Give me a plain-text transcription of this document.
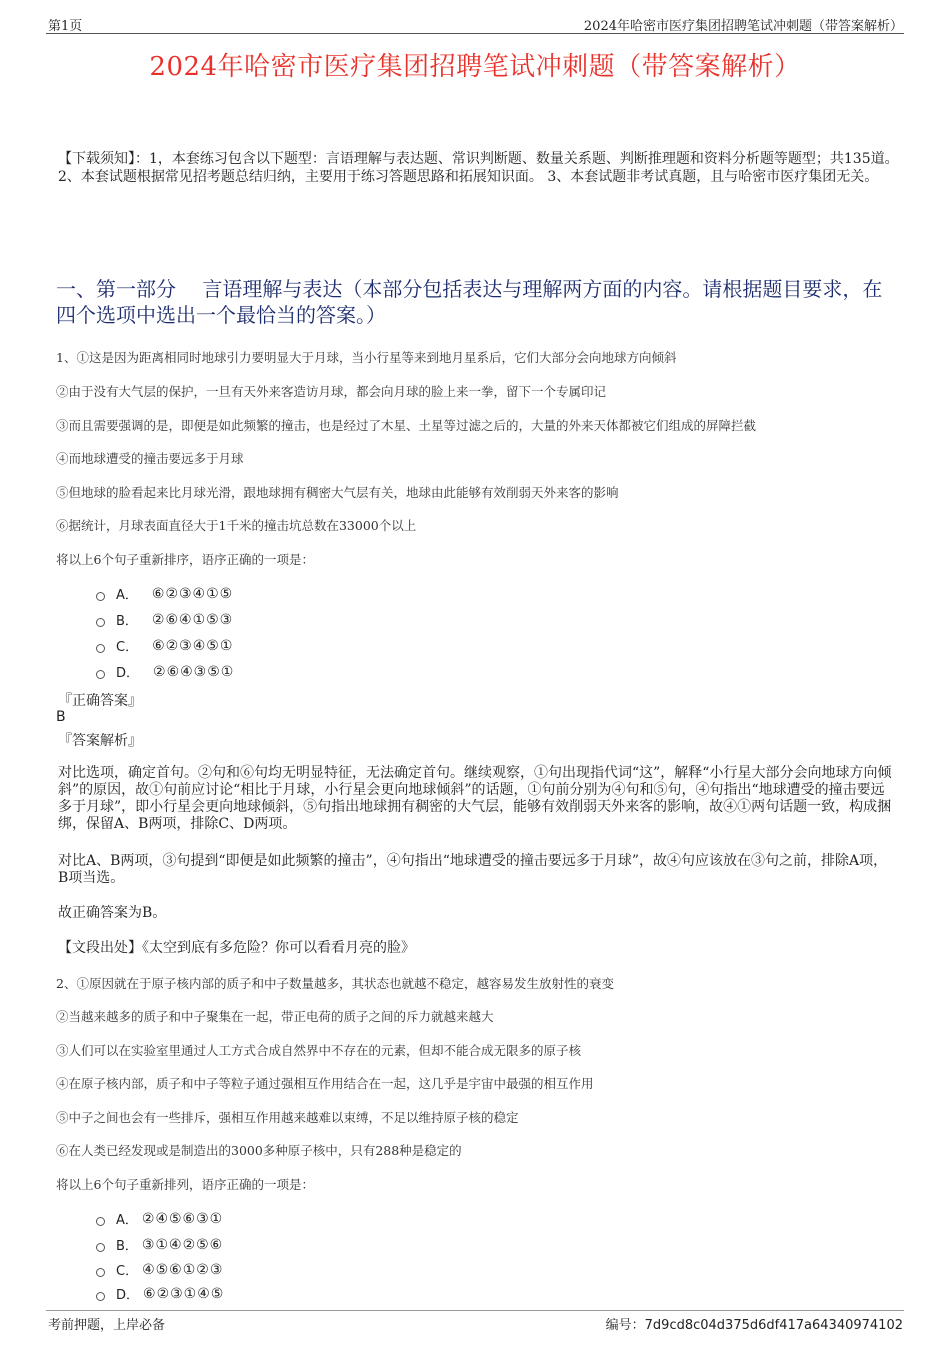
第1页	2024年哈密市医疗集团招聘笔试冲刺题（带答案解析）
2024年哈密市医疗集团招聘笔试冲刺题（带答案解析）
【下载须知】：1，本套练习包含以下题型：言语理解与表达题、常识判断题、数量关系题、判断推理题和资料分析题等题型；共135道。 2、本套试题根据常见招考题总结归纳，主要用于练习答题思路和拓展知识面。 3、本套试题非考试真题，且与哈密市医疗集团无关。
一、第一部分　 言语理解与表达（本部分包括表达与理解两方面的内容。请根据题目要求，在四个选项中选出一个最恰当的答案。）
1、①这是因为距离相同时地球引力要明显大于月球，当小行星等来到地月星系后，它们大部分会向地球方向倾斜
②由于没有大气层的保护，一旦有天外来客造访月球，都会向月球的脸上来一拳，留下一个专属印记
③而且需要强调的是，即便是如此频繁的撞击，也是经过了木星、土星等过滤之后的，大量的外来天体都被它们组成的屏障拦截
④而地球遭受的撞击要远多于月球
⑤但地球的脸看起来比月球光滑，跟地球拥有稠密大气层有关，地球由此能够有效削弱天外来客的影响
⑥据统计，月球表面直径大于1千米的撞击坑总数在33000个以上
将以上6个句子重新排序，语序正确的一项是：
A． ⑥②③④①⑤
B． ②⑥④①⑤③
C． ⑥②③④⑤①
D． ②⑥④③⑤①
『正确答案』
B
『答案解析』
对比选项，确定首句。②句和⑥句均无明显特征，无法确定首句。继续观察，①句出现指代词“这”，解释“小行星大部分会向地球方向倾斜”的原因，故①句前应讨论“相比于月球，小行星会更向地球倾斜”的话题，①句前分别为④句和⑤句，④句指出“地球遭受的撞击要远多于月球”，即小行星会更向地球倾斜，⑤句指出地球拥有稠密的大气层，能够有效削弱天外来客的影响，故④①两句话题一致，构成捆绑，保留A、B两项，排除C、D两项。
对比A、B两项，③句提到“即便是如此频繁的撞击”，④句指出“地球遭受的撞击要远多于月球”，故④句应该放在③句之前，排除A项，B项当选。
故正确答案为B。
【文段出处】《太空到底有多危险？你可以看看月亮的脸》
2、①原因就在于原子核内部的质子和中子数量越多，其状态也就越不稳定，越容易发生放射性的衰变
②当越来越多的质子和中子聚集在一起，带正电荷的质子之间的斥力就越来越大
③人们可以在实验室里通过人工方式合成自然界中不存在的元素，但却不能合成无限多的原子核
④在原子核内部，质子和中子等粒子通过强相互作用结合在一起，这几乎是宇宙中最强的相互作用
⑤中子之间也会有一些排斥，强相互作用越来越难以束缚，不足以维持原子核的稳定
⑥在人类已经发现或是制造出的3000多种原子核中，只有288种是稳定的
将以上6个句子重新排列，语序正确的一项是：
A． ②④⑤⑥③①
B． ③①④②⑤⑥
C． ④⑤⑥①②③
D． ⑥②③①④⑤
考前押题，上岸必备	编号：7d9cd8c04d375d6df417a64340974102
